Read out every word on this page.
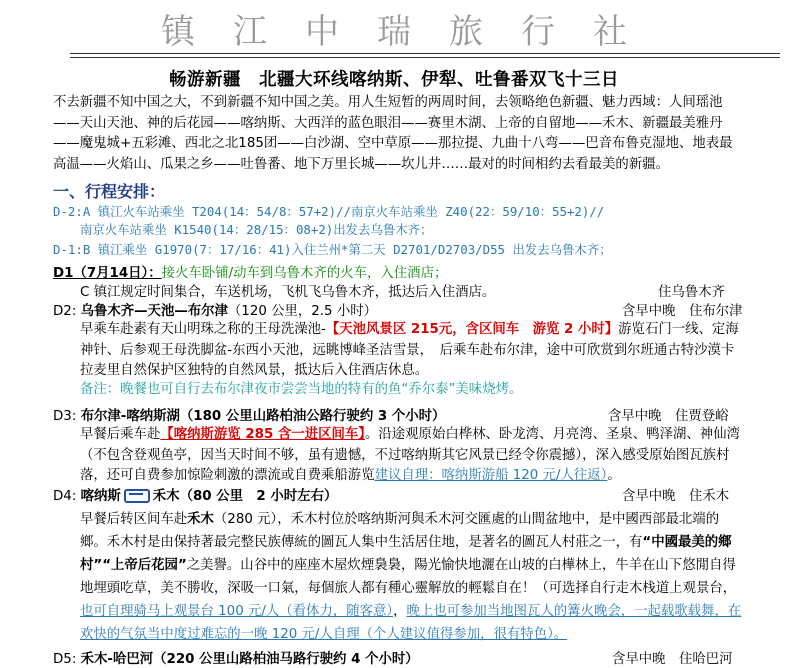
镇江中瑞旅行社
畅游新疆　北疆大环线喀纳斯、伊犁、吐鲁番双飞十三日
不去新疆不知中国之大，不到新疆不知中国之美。用人生短暂的两周时间，去领略绝色新疆、魅力西域：人间瑶池——天山天池、神的后花园——喀纳斯、大西洋的蓝色眼泪——赛里木湖、上帝的自留地——禾木、新疆最美雅丹——魔鬼城+五彩滩、西北之北185团——白沙湖、空中草原——那拉提、九曲十八弯——巴音布鲁克湿地、地表最高温——火焰山、瓜果之乡——吐鲁番、地下万里长城——坎儿井……最对的时间相约去看最美的新疆。
一、行程安排：
D-2:A 镇江火车站乘坐 T204(14：54/8：57+2)//南京火车站乘坐 Z40(22：59/10：55+2)//
南京火车站乘坐 K1540(14：28/15：08+2)出发去乌鲁木齐；
D-1:B 镇江乘坐 G1970(7：17/16：41)入住兰州*第二天 D2701/D2703/D55 出发去乌鲁木齐；
D1（7月14日）：接火车卧铺/动车到乌鲁木齐的火车，入住酒店；
C 镇江规定时间集合，车送机场，飞机飞乌鲁木齐，抵达后入住酒店。	住乌鲁木齐
D2: 乌鲁木齐—天池—布尔津（120 公里，2.5 小时）	含早中晚　住布尔津
早乘车赴素有天山明珠之称的王母洗澡池-【天池风景区 215元，含区间车　游览 2 小时】游览石门一线、定海神针、后参观王母洗脚盆-东西小天池，远眺博峰圣洁雪景，　后乘车赴布尔津，途中可欣赏到尔班通古特沙漠卡拉麦里自然保护区独特的自然风景，抵达后入住酒店休息。
备注：晚餐也可自行去布尔津夜市尝尝当地的特有的鱼“乔尔泰”美味烧烤。
D3: 布尔津-喀纳斯湖（180 公里山路柏油公路行驶约 3 个小时）	含早中晚　住贾登峪
早餐后乘车赴【喀纳斯游览 285 含一进区间车】。沿途观原始白桦林、卧龙湾、月亮湾、圣泉、鸭泽湖、神仙湾（不包含登观鱼亭，因当天时间不够，虽有遗憾，不过喀纳斯其它风景已经令你震撼），深入感受原始图瓦族村落，还可自费参加惊险刺激的漂流或自费乘船游览建议自理：喀纳斯游船 120 元/人往返）。
D4: 喀纳斯 禾木（80 公里　2 小时左右）	含早中晚　住禾木
早餐后转区间车赴禾木（280 元），禾木村位於喀纳斯河與禾木河交匯處的山間盆地中，是中國西部最北端的鄉。禾木村是由保持著最完整民族傳統的圖瓦人集中生活居住地，是著名的圖瓦人村莊之一，有“中國最美的鄉村”“上帝后花园”之美譽。山谷中的座座木屋炊煙裊裊，陽光愉快地灑在山坡的白樺林上，牛羊在山下悠閒自得地埋頭吃草，美不勝收，深吸一口氣，每個旅人都有種心靈解放的輕鬆自在！（可选择自行走木栈道上观景台，也可自理骑马上观景台 100 元/人（看体力，随客意），晚上也可参加当地图瓦人的篝火晚会，一起载歌载舞，在欢快的气氛当中度过难忘的一晚 120 元/人自理（个人建议值得参加，很有特色）。
D5: 禾木-哈巴河（220 公里山路柏油马路行驶约 4 个小时）	含早中晚　住哈巴河
